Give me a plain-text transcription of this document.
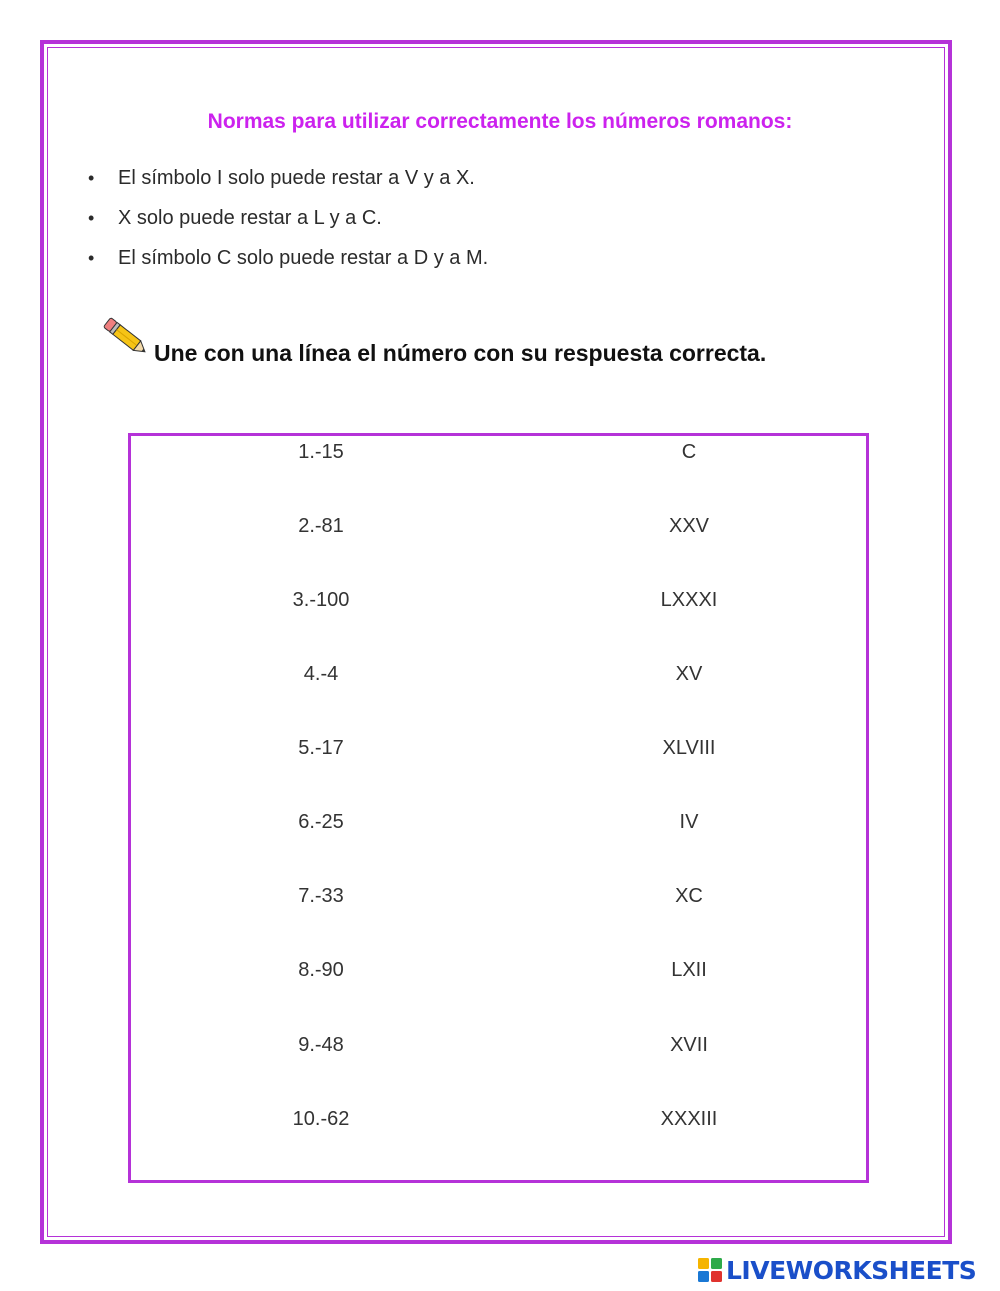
Normas para utilizar correctamente los números romanos:
• El símbolo I solo puede restar a V y a X.
• X solo puede restar a L y a C.
• El símbolo C solo puede restar a D y a M.
Une con una línea el número con su respuesta correcta.
1.-15	C
2.-81	XXV
3.-100	LXXXI
4.-4	XV
5.-17	XLVIII
6.-25	IV
7.-33	XC
8.-90	LXII
9.-48	XVII
10.-62	XXXIII
LIVEWORKSHEETS
